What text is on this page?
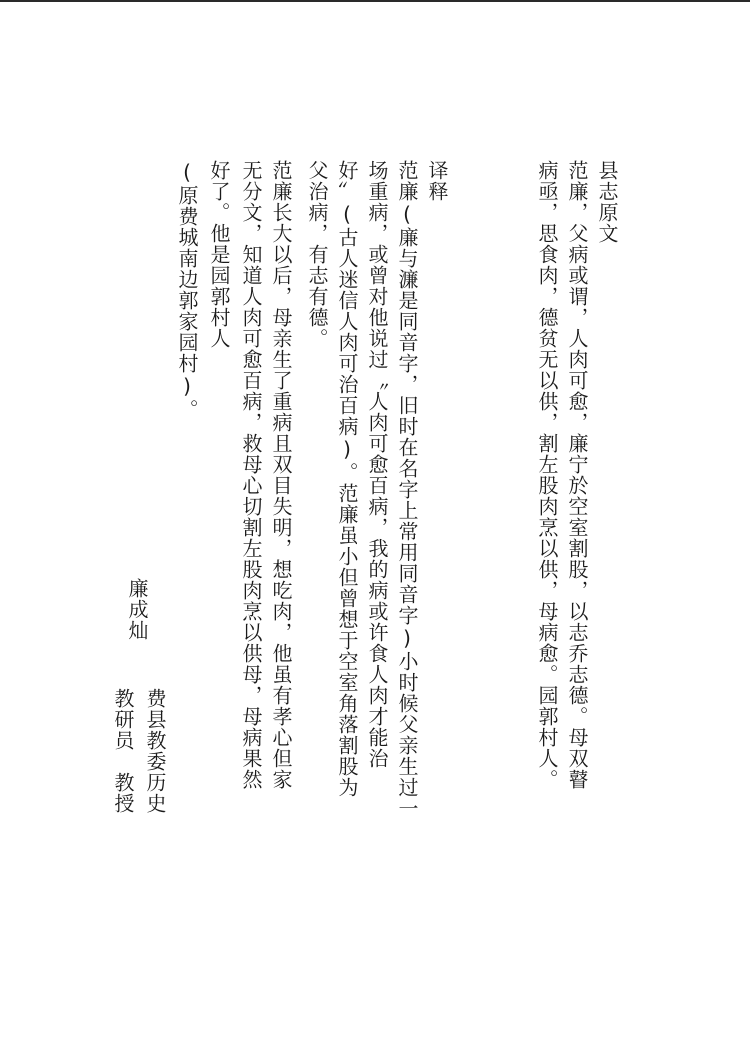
县志原文

范廉，父病或谓，人肉可愈，廉宁於空室割股，以志乔志德。母双瞽

病亟，思食肉，德贫无以供，割左股肉烹以供，母病愈。园郭村人。

译释

范廉(廉与濂是同音字，旧时在名字上常用同音字)小时候父亲生过一

场重病，或曾对他说过〝人肉可愈百病，我的病或许食人肉才能治

好〞(古人迷信人肉可治百病)。范廉虽小但曾想于空室角落割股为

父治病，有志有德。

范廉长大以后，母亲生了重病且双目失明，想吃肉，他虽有孝心但家

无分文，知道人肉可愈百病，救母心切割左股肉烹以供母，母病果然

好了。他是园郭村人

(原费城南边郭家园村)。

廉成灿

费县教委历史

教研员　教授
